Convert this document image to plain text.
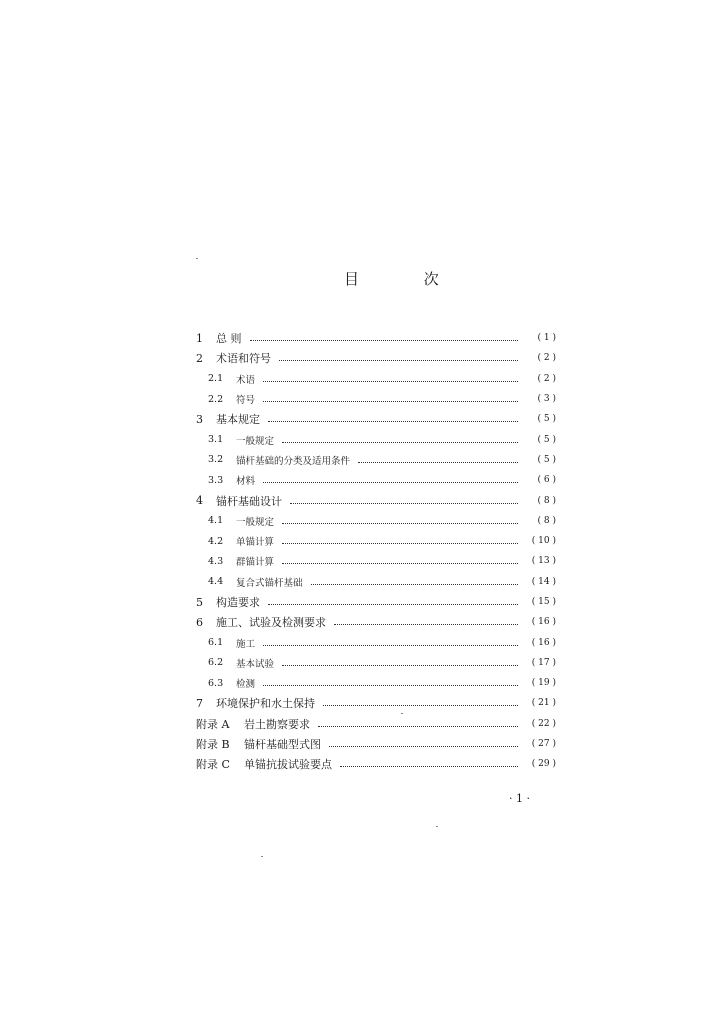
目 次
1	总 则	( 1 )
2	术语和符号	( 2 )
2.1	术语	( 2 )
2.2	符号	( 3 )
3	基本规定	( 5 )
3.1	一般规定	( 5 )
3.2	锚杆基础的分类及适用条件	( 5 )
3.3	材料	( 6 )
4	锚杆基础设计	( 8 )
4.1	一般规定	( 8 )
4.2	单锚计算	( 10 )
4.3	群锚计算	( 13 )
4.4	复合式锚杆基础	( 14 )
5	构造要求	( 15 )
6	施工、试验及检测要求	( 16 )
6.1	施工	( 16 )
6.2	基本试验	( 17 )
6.3	检测	( 19 )
7	环境保护和水土保持	( 21 )
附录 A	岩土勘察要求	( 22 )
附录 B	锚杆基础型式图	( 27 )
附录 C	单锚抗拔试验要点	( 29 )
· 1 ·
